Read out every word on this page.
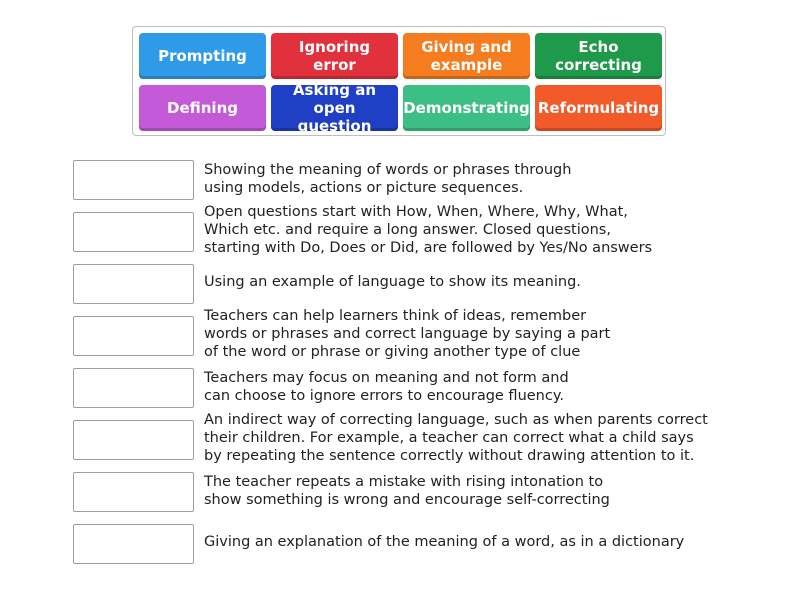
Prompting	Ignoring error
Giving and
example
Echo
correcting
Defining
Asking an
open question
Demonstrating Reformulating
Showing the meaning of words or phrases through
using models, actions or picture sequences.
Open questions start with How, When, Where, Why, What,
Which etc. and require a long answer. Closed questions,
starting with Do, Does or Did, are followed by Yes/No answers
Using an example of language to show its meaning.
Teachers can help learners think of ideas, remember
words or phrases and correct language by saying a part
of the word or phrase or giving another type of clue
Teachers may focus on meaning and not form and
can choose to ignore errors to encourage fluency.
An indirect way of correcting language, such as when parents correct
their children. For example, a teacher can correct what a child says
by repeating the sentence correctly without drawing attention to it.
The teacher repeats a mistake with rising intonation to
show something is wrong and encourage self-correcting
Giving an explanation of the meaning of a word, as in a dictionary
